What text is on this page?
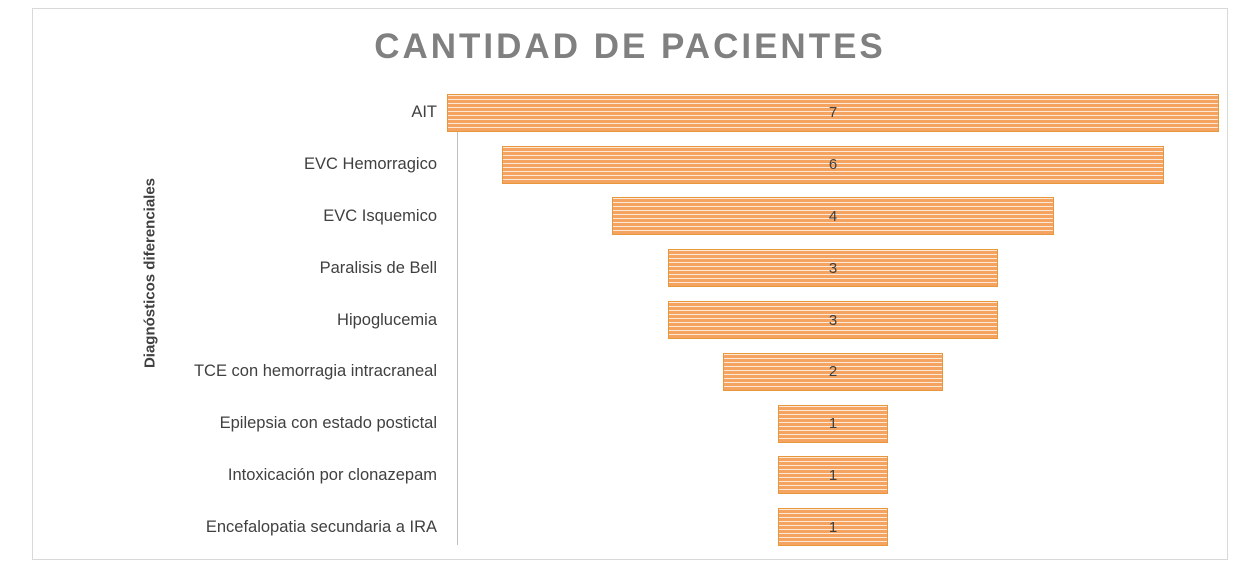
CANTIDAD DE PACIENTES
Diagnósticos diferenciales
AIT	7
EVC Hemorragico	6
EVC Isquemico	4
Paralisis de Bell	3
Hipoglucemia	3
TCE con hemorragia intracraneal	2
Epilepsia con estado postictal	1
Intoxicación por clonazepam	1
Encefalopatia secundaria a IRA	1
